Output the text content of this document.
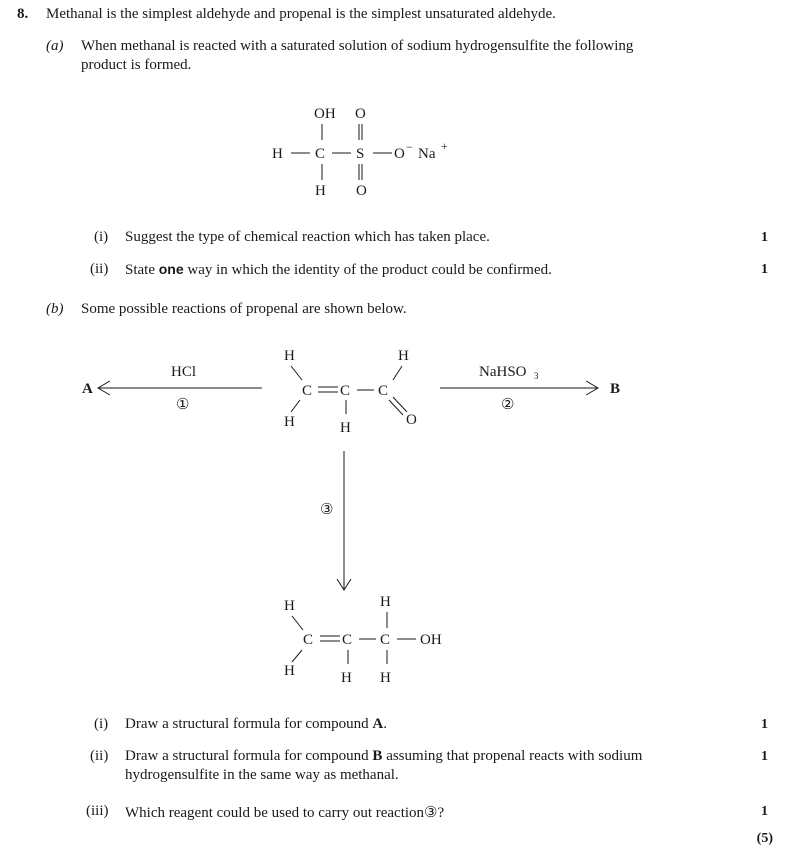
8. Methanal is the simplest aldehyde and propenal is the simplest unsaturated aldehyde.
(a) When methanal is reacted with a saturated solution of sodium hydrogensulfite the following
product is formed.
OH O
H C S O − Na +
H O
H	H
C C C
H	H	O
A
HCl
①
NaHSO 3
②
B
③
H	H
C C C OH
H	H H
(i) Suggest the type of chemical reaction which has taken place.	1
(ii) State one way in which the identity of the product could be confirmed.	1
(b) Some possible reactions of propenal are shown below.
(i) Draw a structural formula for compound A.	1
(ii) Draw a structural formula for compound B assuming that propenal reacts with sodium
hydrogensulfite in the same way as methanal.
1
(iii) Which reagent could be used to carry out reaction③?	1
(5)
